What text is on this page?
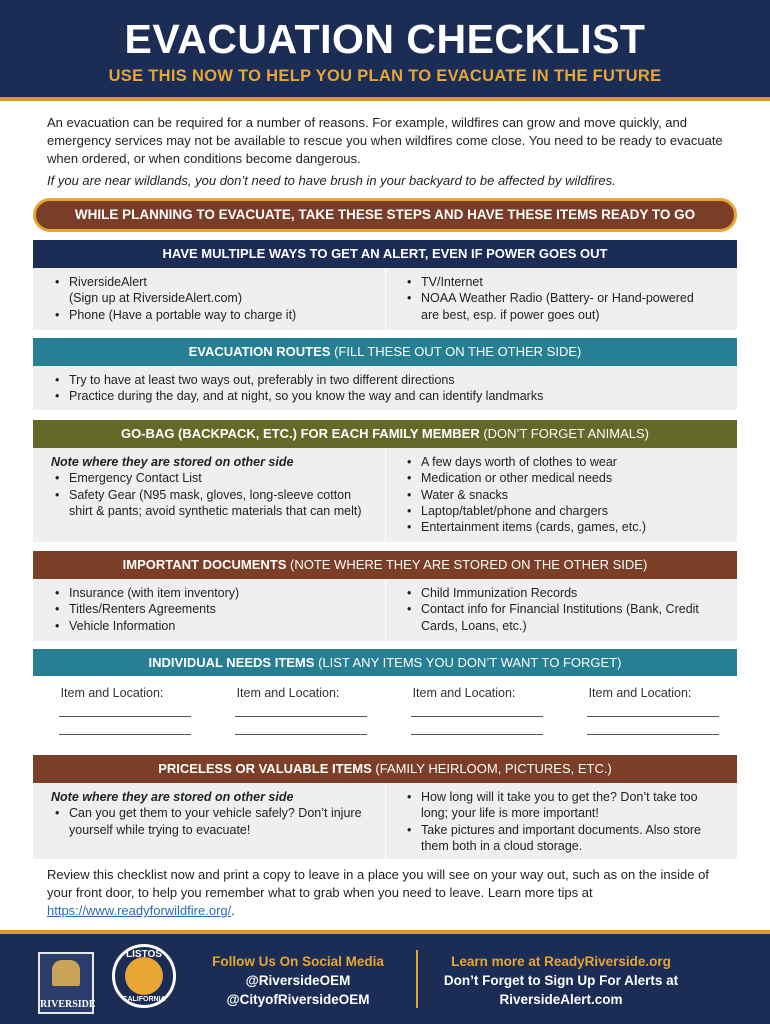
EVACUATION CHECKLIST
USE THIS NOW TO HELP YOU PLAN TO EVACUATE IN THE FUTURE
An evacuation can be required for a number of reasons. For example, wildfires can grow and move quickly, and emergency services may not be available to rescue you when wildfires come close. You need to be ready to evacuate when ordered, or when conditions become dangerous.
If you are near wildlands, you don’t need to have brush in your backyard to be affected by wildfires.
WHILE PLANNING TO EVACUATE, TAKE THESE STEPS AND HAVE THESE ITEMS READY TO GO
HAVE MULTIPLE WAYS TO GET AN ALERT, EVEN IF POWER GOES OUT
• RiversideAlert
(Sign up at RiversideAlert.com)
• Phone (Have a portable way to charge it)
• TV/Internet
• NOAA Weather Radio (Battery- or Hand-powered are best, esp. if power goes out)
EVACUATION ROUTES (FILL THESE OUT ON THE OTHER SIDE)
• Try to have at least two ways out, preferably in two different directions
• Practice during the day, and at night, so you know the way and can identify landmarks
GO-BAG (BACKPACK, ETC.) FOR EACH FAMILY MEMBER (DON’T FORGET ANIMALS)
Note where they are stored on other side
• Emergency Contact List
• Safety Gear (N95 mask, gloves, long-sleeve cotton shirt & pants; avoid synthetic materials that can melt)
• A few days worth of clothes to wear
• Medication or other medical needs
• Water & snacks
• Laptop/tablet/phone and chargers
• Entertainment items (cards, games, etc.)
IMPORTANT DOCUMENTS (NOTE WHERE THEY ARE STORED ON THE OTHER SIDE)
• Insurance (with item inventory)
• Titles/Renters Agreements
• Vehicle Information
• Child Immunization Records
• Contact info for Financial Institutions (Bank, Credit Cards, Loans, etc.)
INDIVIDUAL NEEDS ITEMS (LIST ANY ITEMS YOU DON’T WANT TO FORGET)
Item and Location:	Item and Location:	Item and Location:	Item and Location:
PRICELESS OR VALUABLE ITEMS (FAMILY HEIRLOOM, PICTURES, ETC.)
Note where they are stored on other side
• Can you get them to your vehicle safely? Don’t injure yourself while trying to evacuate!
• How long will it take you to get the? Don’t take too long; your life is more important!
• Take pictures and important documents. Also store them both in a cloud storage.
Review this checklist now and print a copy to leave in a place you will see on your way out, such as on the inside of your front door, to help you remember what to grab when you need to leave. Learn more tips at https://www.readyforwildfire.org/.
RIVERSIDE
LISTOS
CALIFORNIA
Follow Us On Social Media
@RiversideOEM
@CityofRiversideOEM
Learn more at ReadyRiverside.org
Don’t Forget to Sign Up For Alerts at
RiversideAlert.com
